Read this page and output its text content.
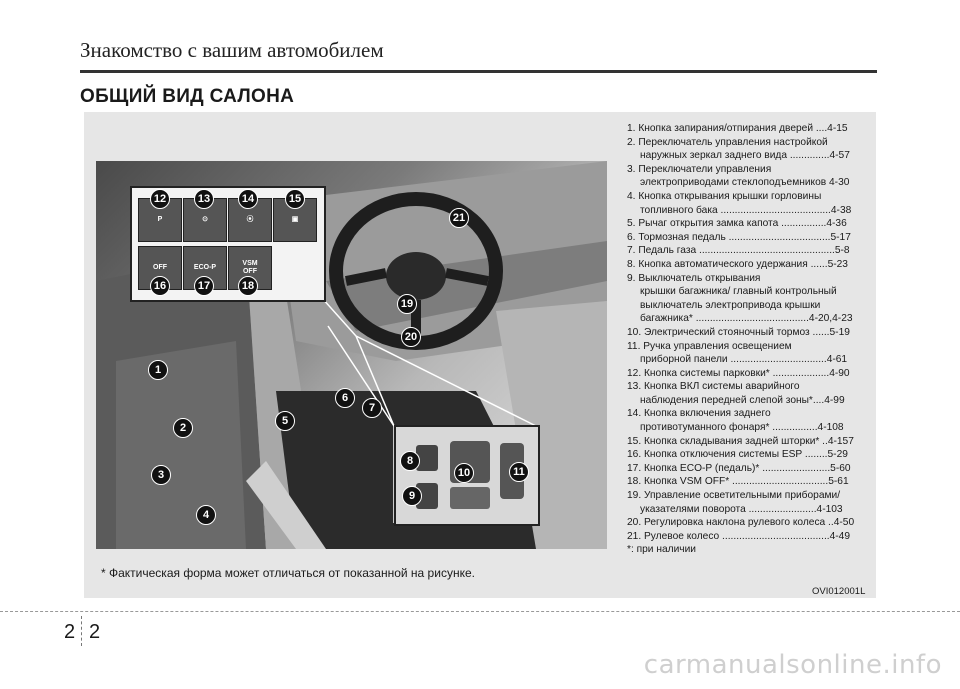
Знакомство с вашим автомобилем
ОБЩИЙ ВИД САЛОНА
P	⊙	⦿	▣
OFF	ECO-P
VSM
OFF
1
2
3
4
5
6
7
8
9
10	11
12	13	14	15
16	17	18
19
20
21
1. Кнопка запирания/отпирания дверей ....4-15
2. Переключатель управления настройкой
наружных зеркал заднего вида ..............4-57
3. Переключатели управления
электроприводами стеклоподъемников 4-30
4. Кнопка открывания крышки горловины
топливного бака .......................................4-38
5. Рычаг открытия замка капота ................4-36
6. Тормозная педаль ....................................5-17
7. Педаль газа ................................................5-8
8. Кнопка автоматического удержания ......5-23
9. Выключатель открывания
крышки багажника/ главный контрольный
выключатель электропривода крышки
багажника* ........................................4-20,4-23
10. Электрический стояночный тормоз ......5-19
11. Ручка управления освещением
приборной панели ..................................4-61
12. Кнопка системы парковки* ....................4-90
13. Кнопка ВКЛ системы аварийного
наблюдения передней слепой зоны*....4-99
14. Кнопка включения заднего
противотуманного фонаря* ................4-108
15. Кнопка складывания задней шторки* ..4-157
16. Кнопка отключения системы ESP ........5-29
17. Кнопка ECO-P (педаль)* ........................5-60
18. Кнопка VSM OFF* ..................................5-61
19. Управление осветительными приборами/
указателями поворота ........................4-103
20. Регулировка наклона рулевого колеса ..4-50
21. Рулевое колесо ......................................4-49
*: при наличии
* Фактическая форма может отличаться от показанной на рисунке.
OVI012001L
2 2
carmanualsonline.info
